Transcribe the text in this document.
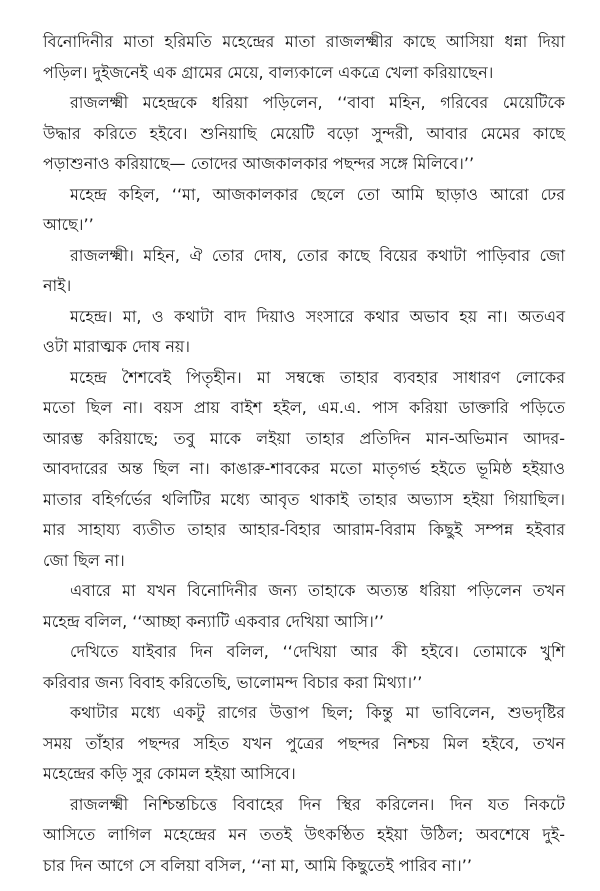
বিনোদিনীর মাতা হরিমতি মহেন্দ্রের মাতা রাজলক্ষ্মীর কাছে আসিয়া ধন্না দিয়া
পড়িল। দুইজনেই এক গ্রামের মেয়ে, বাল্যকালে একত্রে খেলা করিয়াছেন।
রাজলক্ষ্মী মহেন্দ্রকে ধরিয়া পড়িলেন, ‘‘বাবা মহিন, গরিবের মেয়েটিকে
উদ্ধার করিতে হইবে। শুনিয়াছি মেয়েটি বড়ো সুন্দরী, আবার মেমের কাছে
পড়াশুনাও করিয়াছে— তোদের আজকালকার পছন্দর সঙ্গে মিলিবে।’’
মহেন্দ্র কহিল, ‘‘মা, আজকালকার ছেলে তো আমি ছাড়াও আরো ঢের
আছে।’’
রাজলক্ষ্মী। মহিন, ঐ তোর দোষ, তোর কাছে বিয়ের কথাটা পাড়িবার জো
নাই।
মহেন্দ্র। মা, ও কথাটা বাদ দিয়াও সংসারে কথার অভাব হয় না। অতএব
ওটা মারাত্মক দোষ নয়।
মহেন্দ্র শৈশবেই পিতৃহীন। মা সম্বন্ধে তাহার ব্যবহার সাধারণ লোকের
মতো ছিল না। বয়স প্রায় বাইশ হইল, এম.এ. পাস করিয়া ডাক্তারি পড়িতে
আরম্ভ করিয়াছে; তবু মাকে লইয়া তাহার প্রতিদিন মান-অভিমান আদর-
আবদারের অন্ত ছিল না। কাঙারু-শাবকের মতো মাতৃগর্ভ হইতে ভূমিষ্ঠ হইয়াও
মাতার বহির্গর্ভের থলিটির মধ্যে আবৃত থাকাই তাহার অভ্যাস হইয়া গিয়াছিল।
মার সাহায্য ব্যতীত তাহার আহার-বিহার আরাম-বিরাম কিছুই সম্পন্ন হইবার
জো ছিল না।
এবারে মা যখন বিনোদিনীর জন্য তাহাকে অত্যন্ত ধরিয়া পড়িলেন তখন
মহেন্দ্র বলিল, ‘‘আচ্ছা কন্যাটি একবার দেখিয়া আসি।’’
দেখিতে যাইবার দিন বলিল, ‘‘দেখিয়া আর কী হইবে। তোমাকে খুশি
করিবার জন্য বিবাহ করিতেছি, ভালোমন্দ বিচার করা মিথ্যা।’’
কথাটার মধ্যে একটু রাগের উত্তাপ ছিল; কিন্তু মা ভাবিলেন, শুভদৃষ্টির
সময় তাঁহার পছন্দর সহিত যখন পুত্রের পছন্দর নিশ্চয় মিল হইবে, তখন
মহেন্দ্রের কড়ি সুর কোমল হইয়া আসিবে।
রাজলক্ষ্মী নিশ্চিন্তচিত্তে বিবাহের দিন স্থির করিলেন। দিন যত নিকটে
আসিতে লাগিল মহেন্দ্রের মন ততই উৎকণ্ঠিত হইয়া উঠিল; অবশেষে দুই-
চার দিন আগে সে বলিয়া বসিল, ‘‘না মা, আমি কিছুতেই পারিব না।’’
